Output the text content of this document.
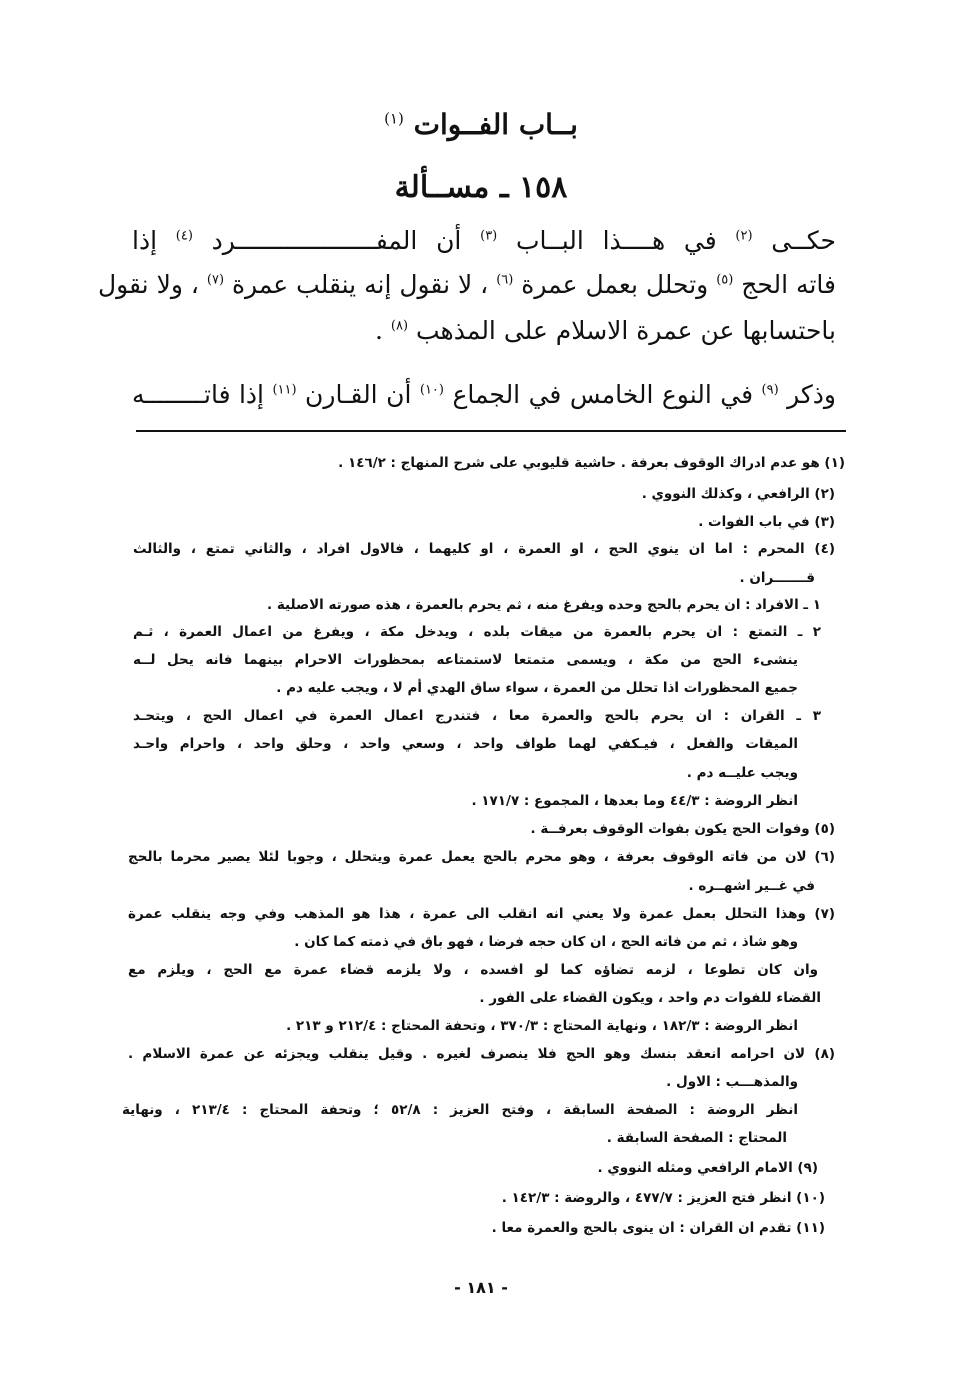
بــاب الفــوات $^{(١)}$
١٥٨ ـ مســألة
حكــى $^{(٢)}$ في هــــذا البــاب $^{(٣)}$ أن المفـــــــــــــــــــرد $^{(٤)}$ إذا
فاته الحج $^{(٥)}$ وتحلل بعمل عمرة $^{(٦)}$ ، لا نقول إنه ينقلب عمرة $^{(٧)}$ ، ولا نقول
باحتسابها عن عمرة الاسلام على المذهب $^{(٨)}$ .
وذكر $^{(٩)}$ في النوع الخامس في الجماع $^{(١٠)}$ أن القـارن $^{(١١)}$ إذا فاتــــــــه
(١) هو عدم ادراك الوقوف بعرفة . حاشية قليوبي على شرح المنهاج : ١٤٦/٢ .
(٢) الرافعي ، وكذلك النووي .
(٣) في باب الفوات .
(٤) المحرم : اما ان ينوي الحج ، او العمرة ، او كليهما ، فالاول افراد ، والثاني تمتع ، والثالث
قـــــــران .
١ ـ الافراد : ان يحرم بالحج وحده ويفرغ منه ، ثم يحرم بالعمرة ، هذه صورته الاصلية .
٢ ـ التمتع : ان يحرم بالعمرة من ميقات بلده ، ويدخل مكة ، ويفرغ من اعمال العمرة ، ثـم
ينشىء الحج من مكة ، ويسمى متمتعا لاستمتاعه بمحظورات الاحرام بينهما فانه يحل لــه
جميع المحظورات اذا تحلل من العمرة ، سواء ساق الهدي أم لا ، ويجب عليه دم .
٣ ـ القران : ان يحرم بالحج والعمرة معا ، فتندرج اعمال العمرة في اعمال الحج ، ويتحـد
الميقات والفعل ، فيـكفي لهما طواف واحد ، وسعي واحد ، وحلق واحد ، واحرام واحـد
ويجب عليــه دم .
انظر الروضة : ٤٤/٣ وما بعدها ، المجموع : ١٧١/٧ .
(٥) وفوات الحج يكون بفوات الوقوف بعرفــة .
(٦) لان من فاته الوقوف بعرفة ، وهو محرم بالحج يعمل عمرة ويتحلل ، وجوبا لئلا يصير محرما بالحج
في غــير اشهــره .
(٧) وهذا التحلل بعمل عمرة ولا يعني انه انقلب الى عمرة ، هذا هو المذهب وفي وجه ينقلب عمرة
وهو شاذ ، ثم من فاته الحج ، ان كان حجه فرضا ، فهو باق في ذمته كما كان .
وان كان تطوعا ، لزمه تضاؤه كما لو افسده ، ولا يلزمه قضاء عمرة مع الحج ، ويلزم مع
القضاء للفوات دم واحد ، ويكون القضاء على الفور .
انظر الروضة : ١٨٢/٣ ، ونهاية المحتاج : ٣٧٠/٣ ، وتحفة المحتاج : ٢١٢/٤ و ٢١٣ .
(٨) لان احرامه انعقد بنسك وهو الحج فلا ينصرف لغيره . وقيل ينقلب ويجزئه عن عمرة الاسلام .
والمذهـــب : الاول .
انظر الروضة : الصفحة السابقة ، وفتح العزيز : ٥٢/٨ ؛ وتحفة المحتاج : ٢١٣/٤ ، ونهاية
المحتاج : الصفحة السابقة .
(٩) الامام الرافعي ومثله النووي .
(١٠) انظر فتح العزيز : ٤٧٧/٧ ، والروضة : ١٤٢/٣ .
(١١) تقدم ان القران : ان ينوى بالحج والعمرة معا .
- ١٨١ -
